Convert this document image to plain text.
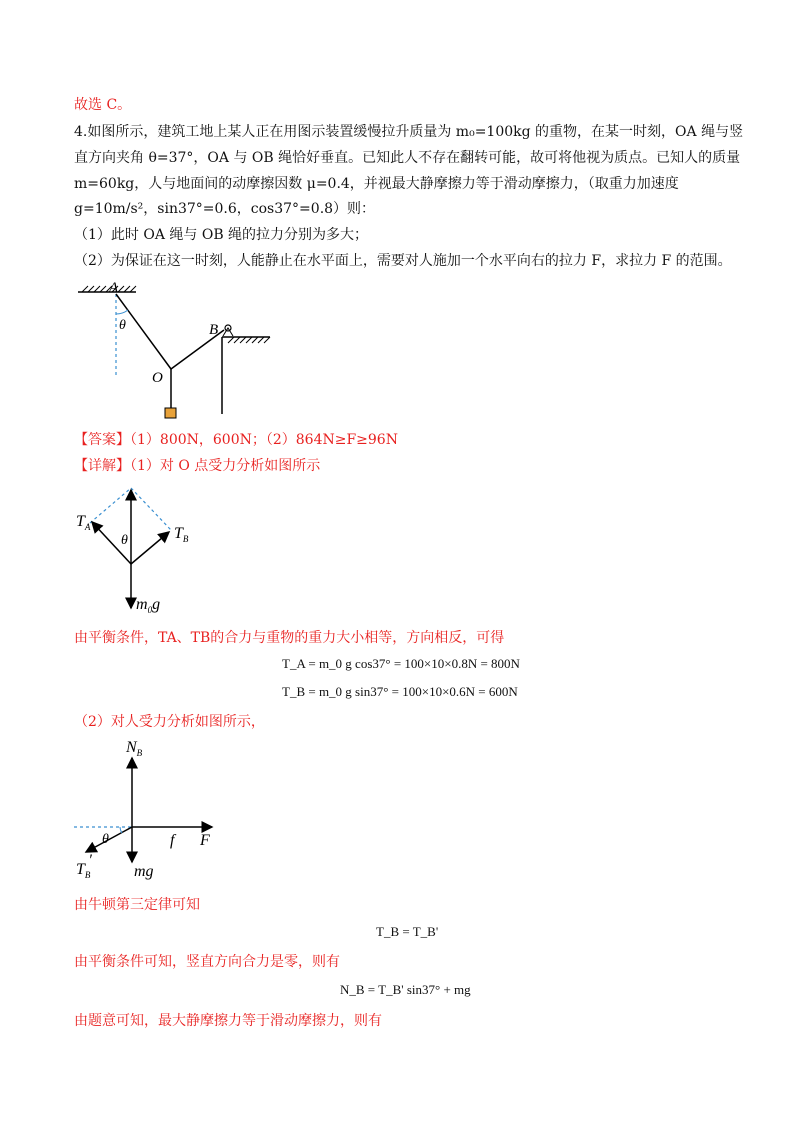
故选 C。
4.如图所示，建筑工地上某人正在用图示装置缓慢拉升质量为 m₀=100kg 的重物，在某一时刻，OA 绳与竖
直方向夹角 θ=37°，OA 与 OB 绳恰好垂直。已知此人不存在翻转可能，故可将他视为质点。已知人的质量
m=60kg，人与地面间的动摩擦因数 μ=0.4，并视最大静摩擦力等于滑动摩擦力，（取重力加速度
g=10m/s²，sin37°=0.6，cos37°=0.8）则：
（1）此时 OA 绳与 OB 绳的拉力分别为多大；
（2）为保证在这一时刻，人能静止在水平面上，需要对人施加一个水平向右的拉力 F，求拉力 F 的范围。
A
B
O
θ
【答案】（1）800N，600N；（2）864N≥F≥96N
【详解】（1）对 O 点受力分析如图所示
$T_A$	$T_B$
θ
$m_0g$
由平衡条件，TA、TB的合力与重物的重力大小相等，方向相反，可得
T_A = m_0 g cos37° = 100×10×0.8N = 800N
T_B = m_0 g sin37° = 100×10×0.6N = 600N
（2）对人受力分析如图所示，
$N_B$
θ	f F
$T_B'$
mg
由牛顿第三定律可知
T_B = T_B'
由平衡条件可知，竖直方向合力是零，则有
N_B = T_B' sin37° + mg
由题意可知，最大静摩擦力等于滑动摩擦力，则有
